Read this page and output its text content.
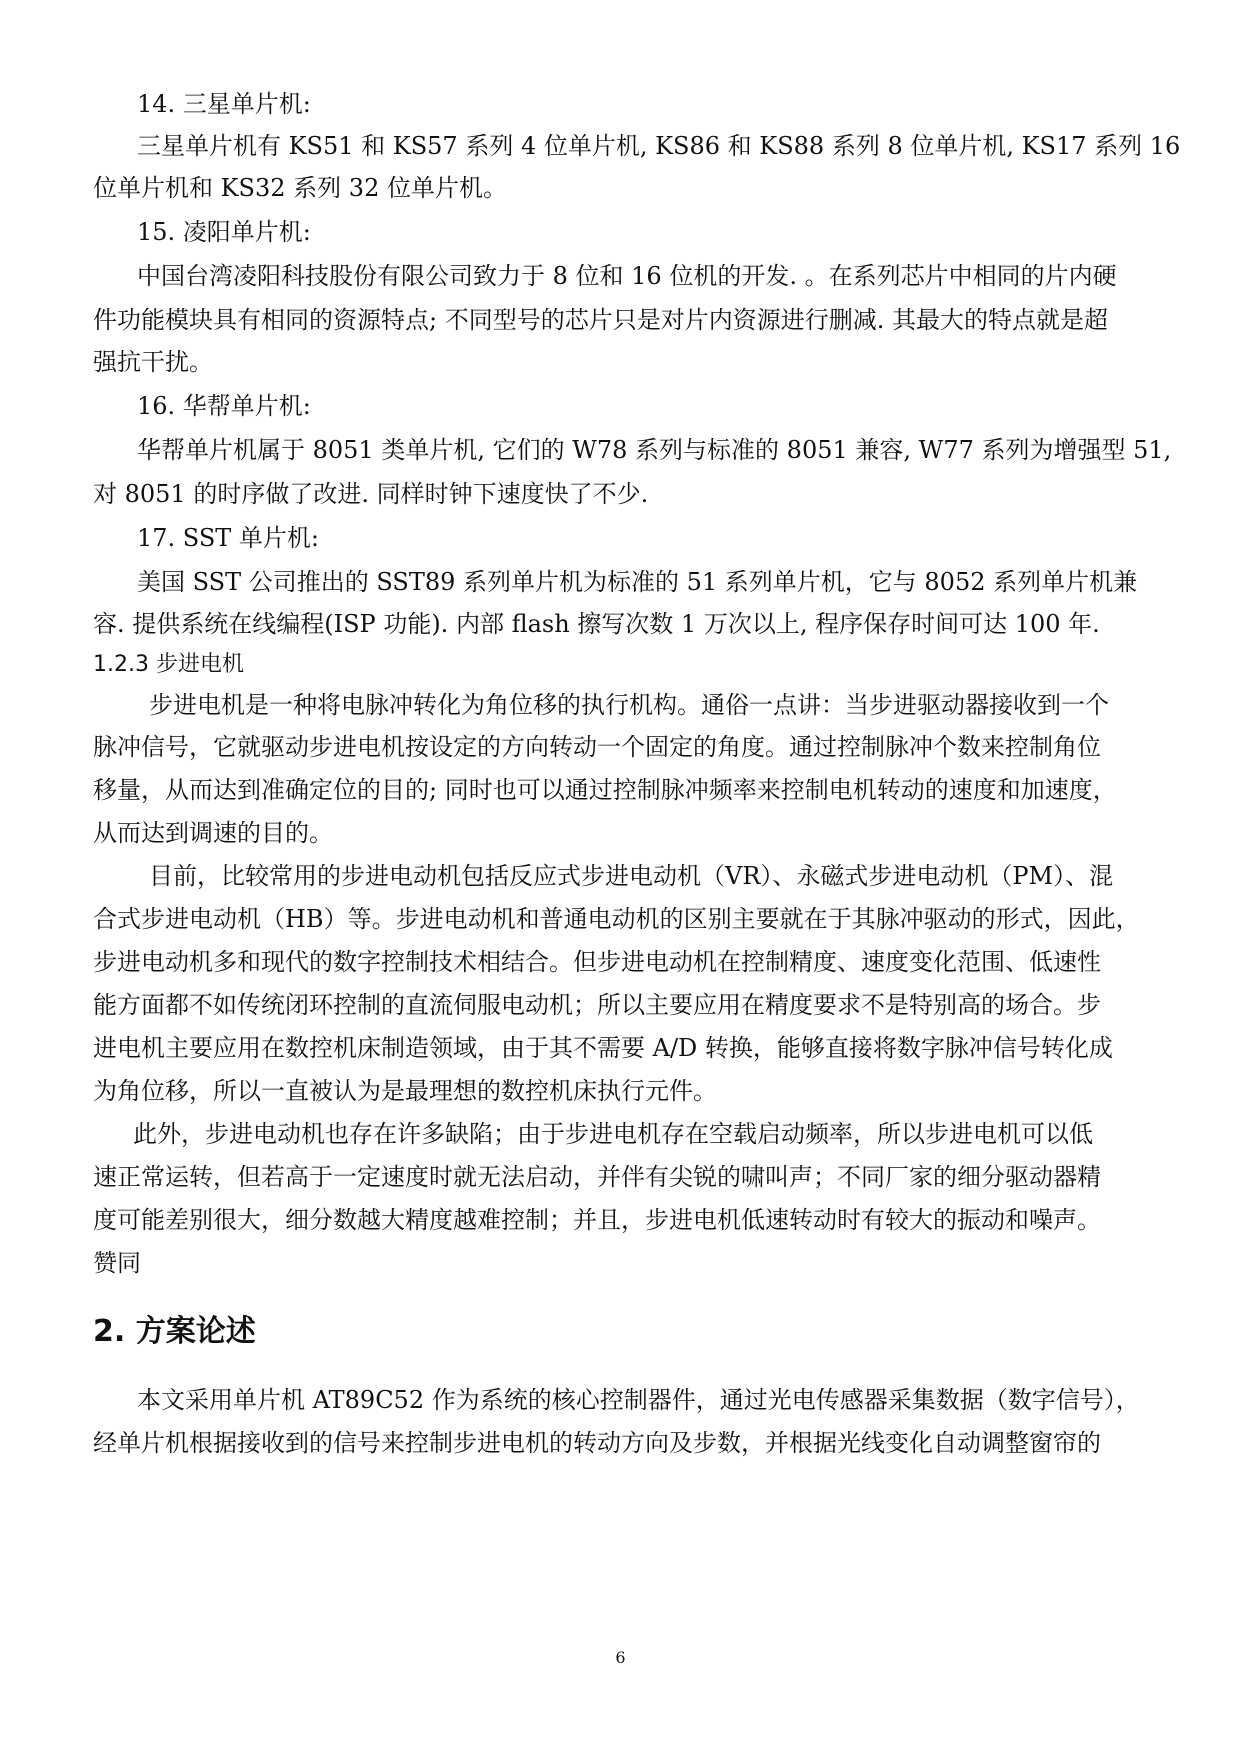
14. 三星单片机:
三星单片机有 KS51 和 KS57 系列 4 位单片机, KS86 和 KS88 系列 8 位单片机, KS17 系列 16
位单片机和 KS32 系列 32 位单片机。
15. 凌阳单片机:
中国台湾凌阳科技股份有限公司致力于 8 位和 16 位机的开发. 。在系列芯片中相同的片内硬
件功能模块具有相同的资源特点; 不同型号的芯片只是对片内资源进行删减. 其最大的特点就是超
强抗干扰。
16. 华帮单片机:
华帮单片机属于 8051 类单片机, 它们的 W78 系列与标准的 8051 兼容, W77 系列为增强型 51,
对 8051 的时序做了改进. 同样时钟下速度快了不少.
17. SST 单片机:
美国 SST 公司推出的 SST89 系列单片机为标准的 51 系列单片机，它与 8052 系列单片机兼
容. 提供系统在线编程(ISP 功能). 内部 flash 擦写次数 1 万次以上, 程序保存时间可达 100 年.
1.2.3 步进电机
步进电机是一种将电脉冲转化为角位移的执行机构。通俗一点讲：当步进驱动器接收到一个
脉冲信号，它就驱动步进电机按设定的方向转动一个固定的角度。通过控制脉冲个数来控制角位
移量，从而达到准确定位的目的; 同时也可以通过控制脉冲频率来控制电机转动的速度和加速度，
从而达到调速的目的。
目前，比较常用的步进电动机包括反应式步进电动机（VR）、永磁式步进电动机（PM）、混
合式步进电动机（HB）等。步进电动机和普通电动机的区别主要就在于其脉冲驱动的形式，因此，
步进电动机多和现代的数字控制技术相结合。但步进电动机在控制精度、速度变化范围、低速性
能方面都不如传统闭环控制的直流伺服电动机；所以主要应用在精度要求不是特别高的场合。步
进电机主要应用在数控机床制造领域，由于其不需要 A/D 转换，能够直接将数字脉冲信号转化成
为角位移，所以一直被认为是最理想的数控机床执行元件。
此外，步进电动机也存在许多缺陷；由于步进电机存在空载启动频率，所以步进电机可以低
速正常运转，但若高于一定速度时就无法启动，并伴有尖锐的啸叫声；不同厂家的细分驱动器精
度可能差别很大，细分数越大精度越难控制；并且，步进电机低速转动时有较大的振动和噪声。
赞同
2. 方案论述
本文采用单片机 AT89C52 作为系统的核心控制器件，通过光电传感器采集数据（数字信号），
经单片机根据接收到的信号来控制步进电机的转动方向及步数，并根据光线变化自动调整窗帘的
6
